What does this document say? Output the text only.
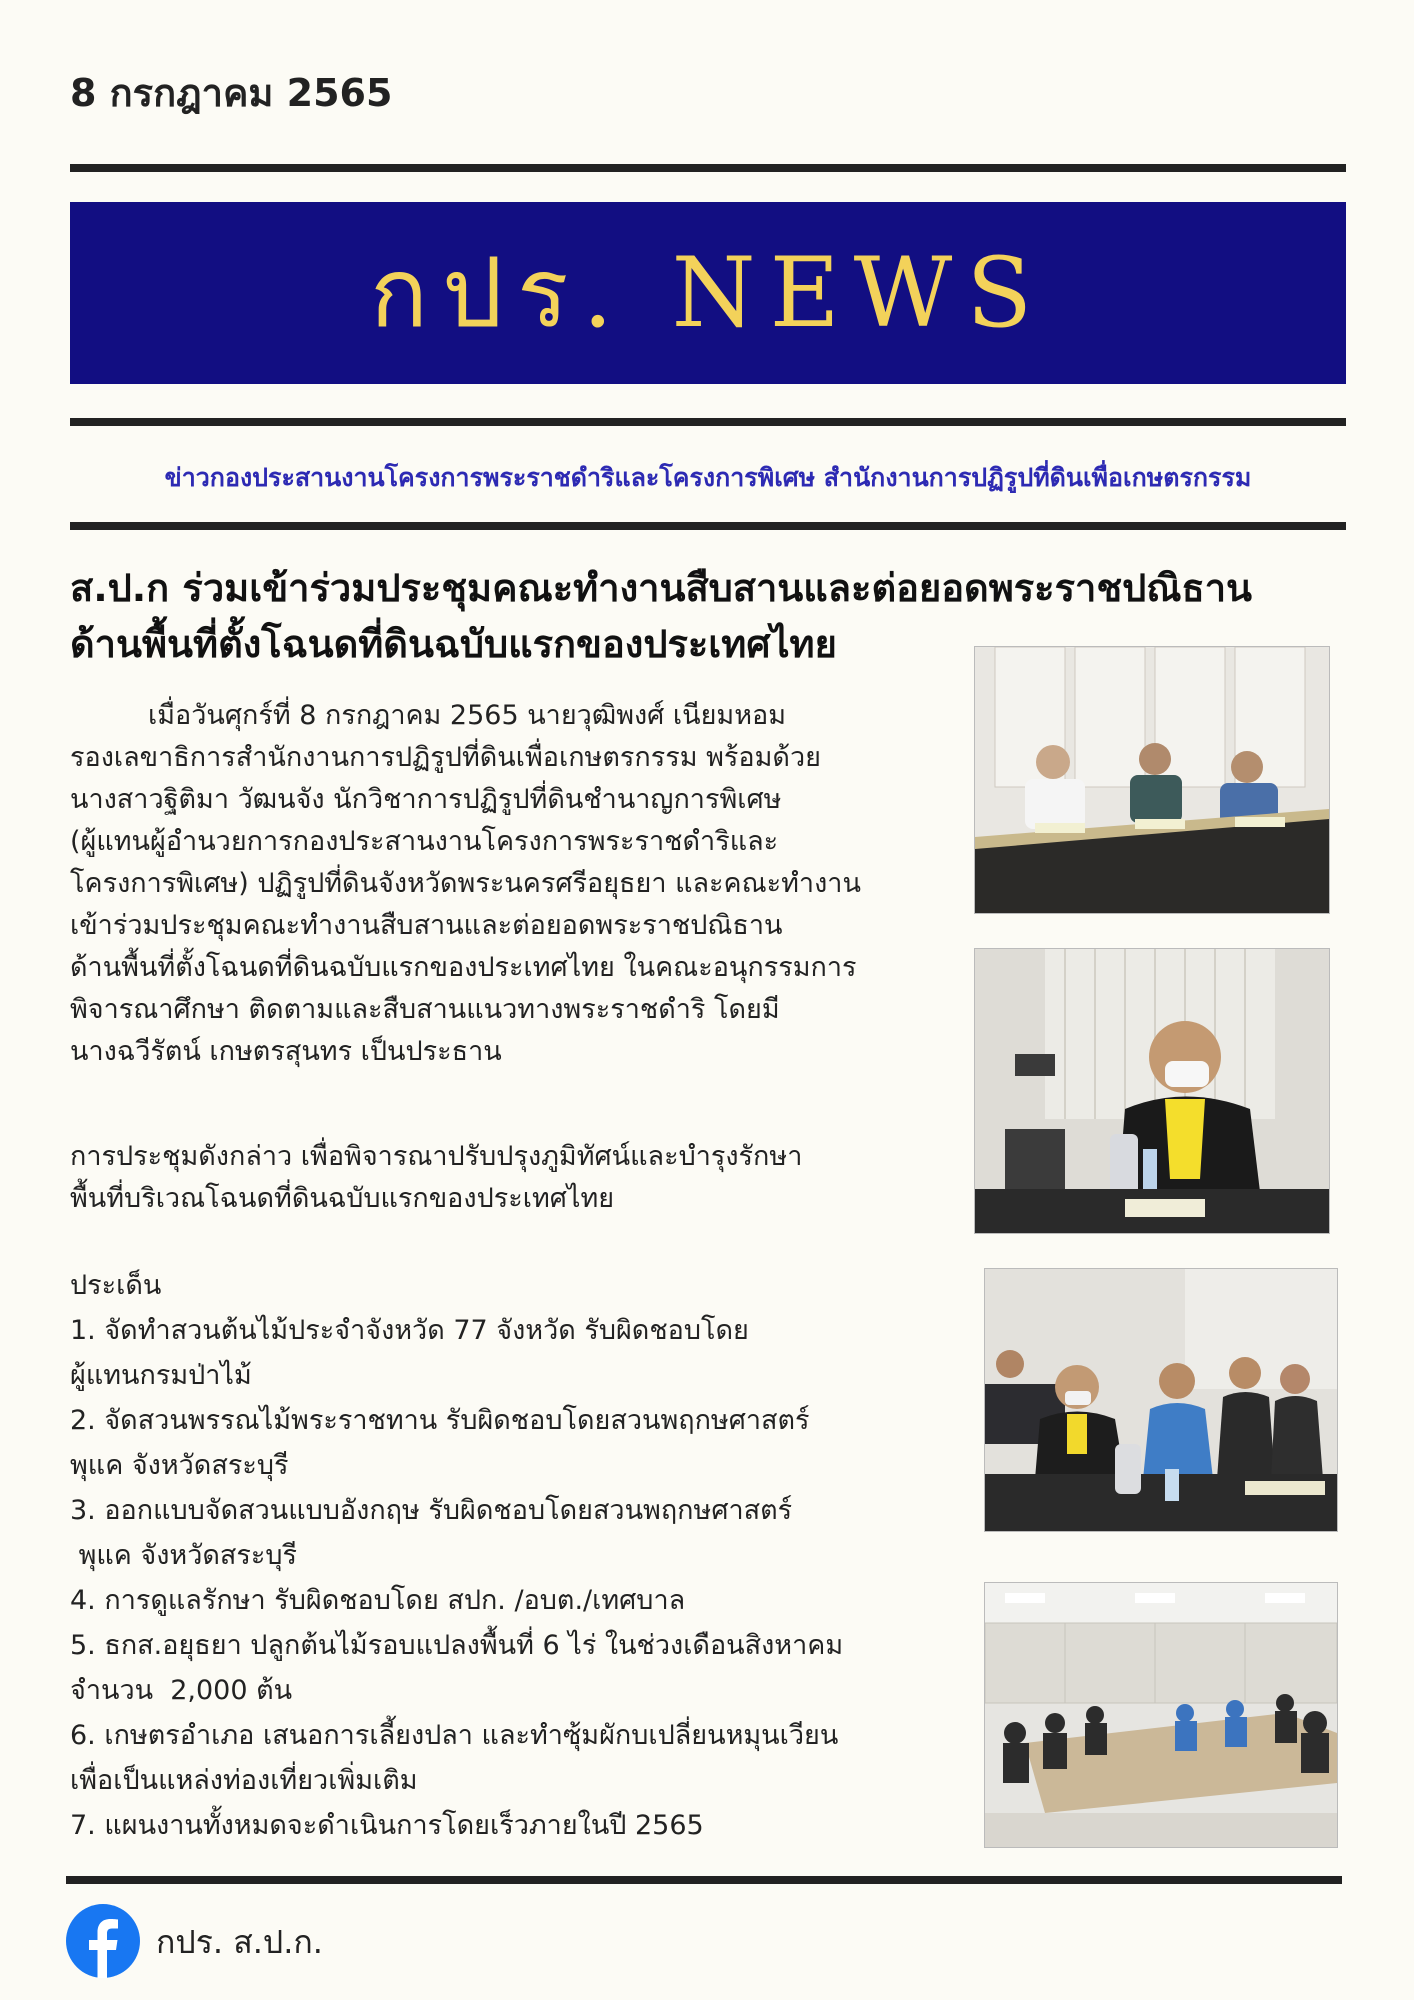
8 กรกฎาคม 2565
กปร. NEWS
ข่าวกองประสานงานโครงการพระราชดำริและโครงการพิเศษ สำนักงานการปฏิรูปที่ดินเพื่อเกษตรกรรม
ส.ป.ก ร่วมเข้าร่วมประชุมคณะทำงานสืบสานและต่อยอดพระราชปณิธาน
ด้านพื้นที่ตั้งโฉนดที่ดินฉบับแรกของประเทศไทย
เมื่อวันศุกร์ที่ 8 กรกฎาคม 2565 นายวุฒิพงศ์ เนียมหอม
รองเลขาธิการสำนักงานการปฏิรูปที่ดินเพื่อเกษตรกรรม พร้อมด้วย
นางสาวฐิติมา วัฒนจัง นักวิชาการปฏิรูปที่ดินชำนาญการพิเศษ
(ผู้แทนผู้อำนวยการกองประสานงานโครงการพระราชดำริและ
โครงการพิเศษ) ปฏิรูปที่ดินจังหวัดพระนครศรีอยุธยา และคณะทำงาน
เข้าร่วมประชุมคณะทำงานสืบสานและต่อยอดพระราชปณิธาน
ด้านพื้นที่ตั้งโฉนดที่ดินฉบับแรกของประเทศไทย ในคณะอนุกรรมการ
พิจารณาศึกษา ติดตามและสืบสานแนวทางพระราชดำริ โดยมี
นางฉวีรัตน์ เกษตรสุนทร เป็นประธาน
การประชุมดังกล่าว เพื่อพิจารณาปรับปรุงภูมิทัศน์และบำรุงรักษา
พื้นที่บริเวณโฉนดที่ดินฉบับแรกของประเทศไทย
ประเด็น
1. จัดทำสวนต้นไม้ประจำจังหวัด 77 จังหวัด รับผิดชอบโดย
ผู้แทนกรมป่าไม้
2. จัดสวนพรรณไม้พระราชทาน รับผิดชอบโดยสวนพฤกษศาสตร์
พุแค จังหวัดสระบุรี
3. ออกแบบจัดสวนแบบอังกฤษ รับผิดชอบโดยสวนพฤกษศาสตร์
พุแค จังหวัดสระบุรี
4. การดูแลรักษา รับผิดชอบโดย สปก. /อบต./เทศบาล
5. ธกส.อยุธยา ปลูกต้นไม้รอบแปลงพื้นที่ 6 ไร่ ในช่วงเดือนสิงหาคม
จำนวน  2,000 ต้น
6. เกษตรอำเภอ เสนอการเลี้ยงปลา และทำซุ้มผักบเปลี่ยนหมุนเวียน
เพื่อเป็นแหล่งท่องเที่ยวเพิ่มเติม
7. แผนงานทั้งหมดจะดำเนินการโดยเร็วภายในปี 2565
กปร. ส.ป.ก.
